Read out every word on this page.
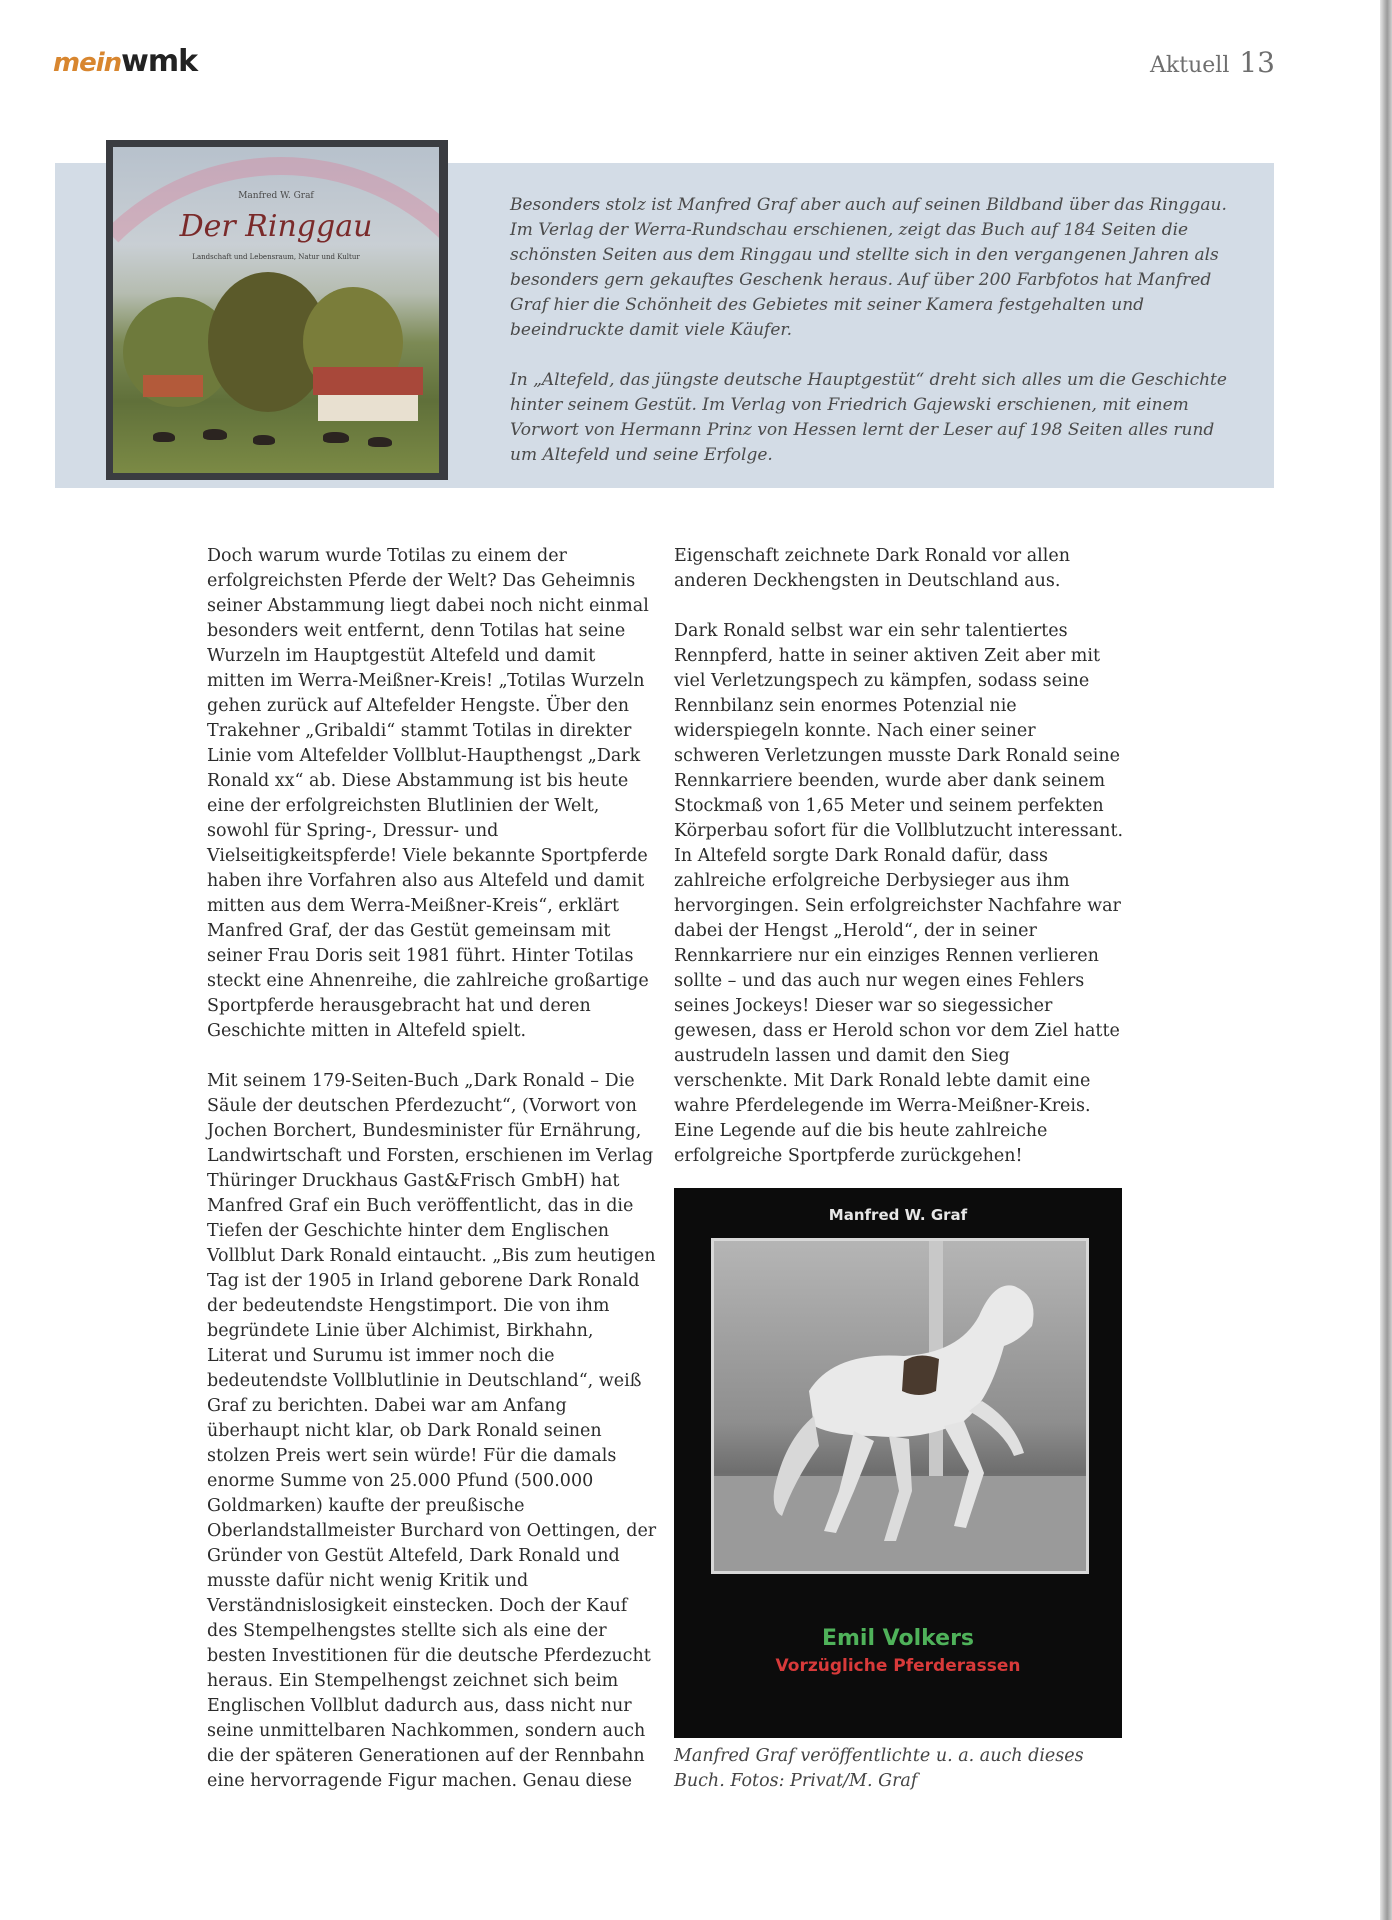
meinwmk	Aktuell 13
Manfred W. Graf
Der Ringgau
Landschaft und Lebensraum, Natur und Kultur

Besonders stolz ist Manfred Graf aber auch auf seinen Bildband über das Ringgau. Im Verlag der Werra-Rundschau erschienen, zeigt das Buch auf 184 Seiten die schönsten Seiten aus dem Ringgau und stellte sich in den vergangenen Jahren als besonders gern gekauftes Geschenk heraus. Auf über 200 Farbfotos hat Manfred Graf hier die Schönheit des Gebietes mit seiner Kamera festgehalten und beeindruckte damit viele Käufer.

In „Altefeld, das jüngste deutsche Hauptgestüt“ dreht sich alles um die Geschichte hinter seinem Gestüt. Im Verlag von Friedrich Gajewski erschienen, mit einem Vorwort von Hermann Prinz von Hessen lernt der Leser auf 198 Seiten alles rund um Altefeld und seine Erfolge.

Doch warum wurde Totilas zu einem der erfolgreichsten Pferde der Welt? Das Geheimnis seiner Abstammung liegt dabei noch nicht einmal besonders weit entfernt, denn Totilas hat seine Wurzeln im Hauptgestüt Altefeld und damit mitten im Werra-Meißner-Kreis! „Totilas Wurzeln gehen zurück auf Altefelder Hengste. Über den Trakehner „Gribaldi“ stammt Totilas in direkter Linie vom Altefelder Vollblut-Haupthengst „Dark Ronald xx“ ab. Diese Abstammung ist bis heute eine der erfolgreichsten Blutlinien der Welt, sowohl für Spring-, Dressur- und Vielseitigkeitspferde! Viele bekannte Sportpferde haben ihre Vorfahren also aus Altefeld und damit mitten aus dem Werra-Meißner-Kreis“, erklärt Manfred Graf, der das Gestüt gemeinsam mit seiner Frau Doris seit 1981 führt. Hinter Totilas steckt eine Ahnenreihe, die zahlreiche großartige Sportpferde herausgebracht hat und deren Geschichte mitten in Altefeld spielt.

Mit seinem 179-Seiten-Buch „Dark Ronald – Die Säule der deutschen Pferdezucht“, (Vorwort von Jochen Borchert, Bundesminister für Ernährung, Landwirtschaft und Forsten, erschienen im Verlag Thüringer Druckhaus Gast&Frisch GmbH) hat Manfred Graf ein Buch veröffentlicht, das in die Tiefen der Geschichte hinter dem Englischen Vollblut Dark Ronald eintaucht. „Bis zum heutigen Tag ist der 1905 in Irland geborene Dark Ronald der bedeutendste Hengstimport. Die von ihm begründete Linie über Alchimist, Birkhahn, Literat und Surumu ist immer noch die bedeutendste Vollblutlinie in Deutschland“, weiß Graf zu berichten. Dabei war am Anfang überhaupt nicht klar, ob Dark Ronald seinen stolzen Preis wert sein würde! Für die damals enorme Summe von 25.000 Pfund (500.000 Goldmarken) kaufte der preußische Oberlandstallmeister Burchard von Oettingen, der Gründer von Gestüt Altefeld, Dark Ronald und musste dafür nicht wenig Kritik und Verständnislosigkeit einstecken. Doch der Kauf des Stempelhengstes stellte sich als eine der besten Investitionen für die deutsche Pferdezucht heraus. Ein Stempelhengst zeichnet sich beim Englischen Vollblut dadurch aus, dass nicht nur seine unmittelbaren Nachkommen, sondern auch die der späteren Generationen auf der Rennbahn eine hervorragende Figur machen. Genau diese

Eigenschaft zeichnete Dark Ronald vor allen anderen Deckhengsten in Deutschland aus.

Dark Ronald selbst war ein sehr talentiertes Rennpferd, hatte in seiner aktiven Zeit aber mit viel Verletzungspech zu kämpfen, sodass seine Rennbilanz sein enormes Potenzial nie widerspiegeln konnte. Nach einer seiner schweren Verletzungen musste Dark Ronald seine Rennkarriere beenden, wurde aber dank seinem Stockmaß von 1,65 Meter und seinem perfekten Körperbau sofort für die Vollblutzucht interessant. In Altefeld sorgte Dark Ronald dafür, dass zahlreiche erfolgreiche Derbysieger aus ihm hervorgingen. Sein erfolgreichster Nachfahre war dabei der Hengst „Herold“, der in seiner Rennkarriere nur ein einziges Rennen verlieren sollte – und das auch nur wegen eines Fehlers seines Jockeys! Dieser war so siegessicher gewesen, dass er Herold schon vor dem Ziel hatte austrudeln lassen und damit den Sieg verschenkte. Mit Dark Ronald lebte damit eine wahre Pferdelegende im Werra-Meißner-Kreis. Eine Legende auf die bis heute zahlreiche erfolgreiche Sportpferde zurückgehen!

Manfred W. Graf
Emil Volkers
Vorzügliche Pferderassen
Manfred Graf veröffentlichte u. a. auch dieses Buch. Fotos: Privat/M. Graf
